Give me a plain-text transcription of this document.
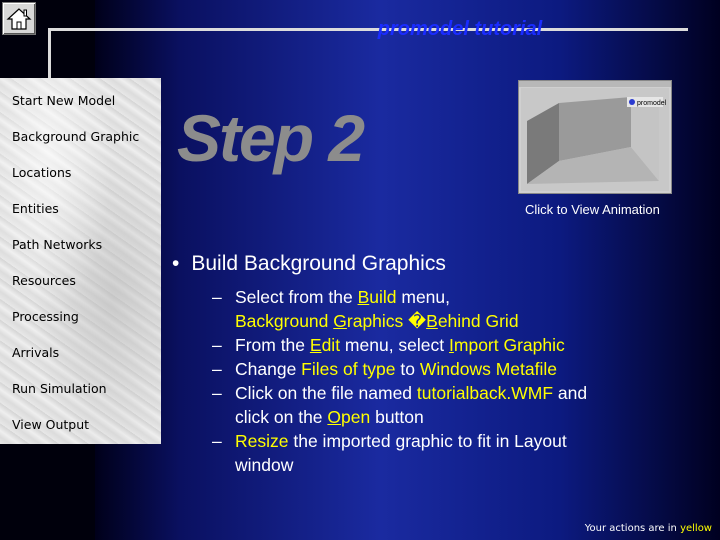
promodel tutorial
Start New Model
Background Graphic
Locations
Entities
Path Networks
Resources
Processing
Arrivals
Run Simulation
View Output
Step 2	promodel
Click to View Animation
• Build Background Graphics
– Select from the Build menu,
Background Graphics �Behind Grid
– From the Edit menu, select Import Graphic
– Change Files of type to Windows Metafile
– Click on the file named tutorialback.WMF and
click on the Open button
– Resize the imported graphic to fit in Layout
window
Your actions are in yellow
